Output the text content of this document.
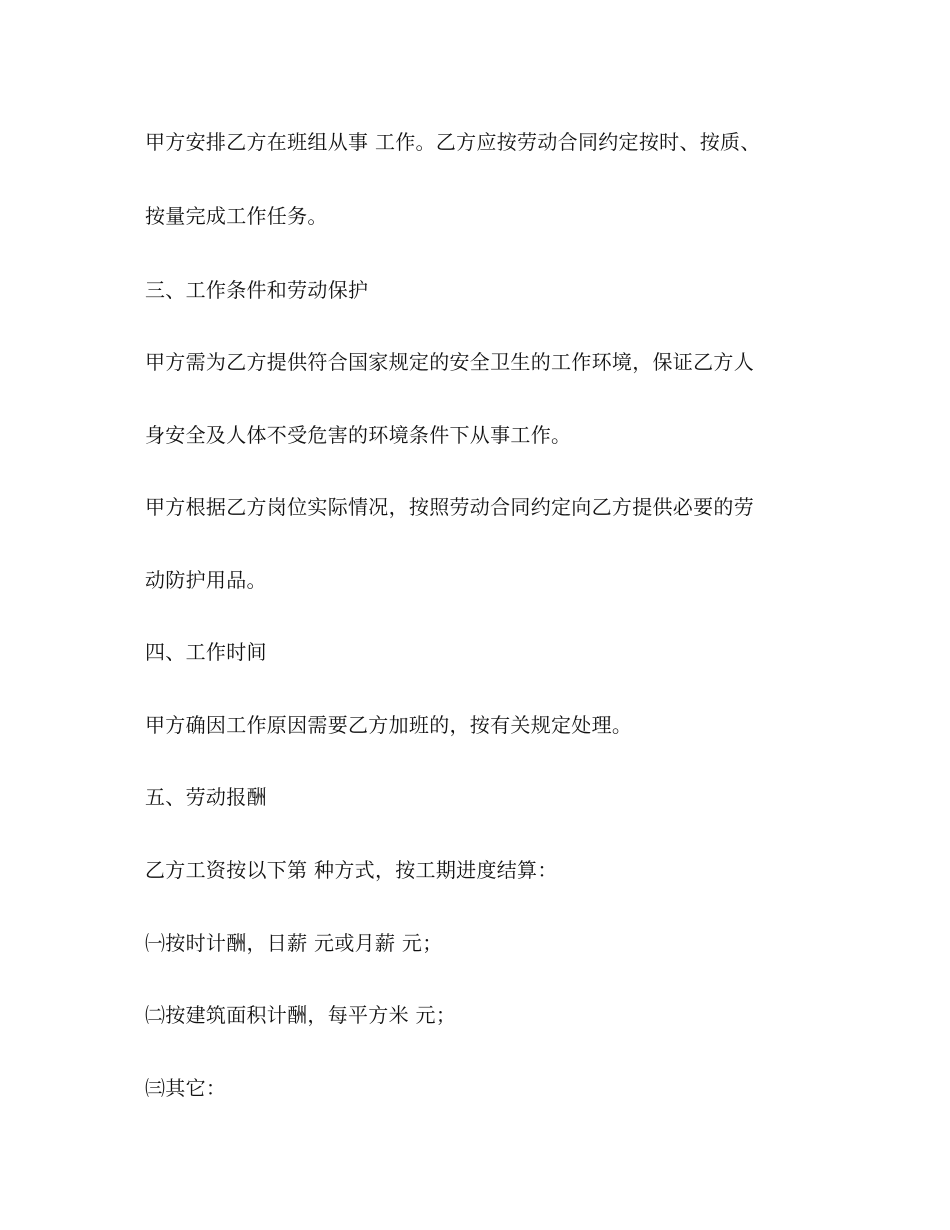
甲方安排乙方在班组从事 工作。乙方应按劳动合同约定按时、按质、
按量完成工作任务。
三、工作条件和劳动保护
甲方需为乙方提供符合国家规定的安全卫生的工作环境，保证乙方人
身安全及人体不受危害的环境条件下从事工作。
甲方根据乙方岗位实际情况，按照劳动合同约定向乙方提供必要的劳
动防护用品。
四、工作时间
甲方确因工作原因需要乙方加班的，按有关规定处理。
五、劳动报酬
乙方工资按以下第 种方式，按工期进度结算：
㈠按时计酬，日薪 元或月薪 元；
㈡按建筑面积计酬，每平方米 元；
㈢其它：
